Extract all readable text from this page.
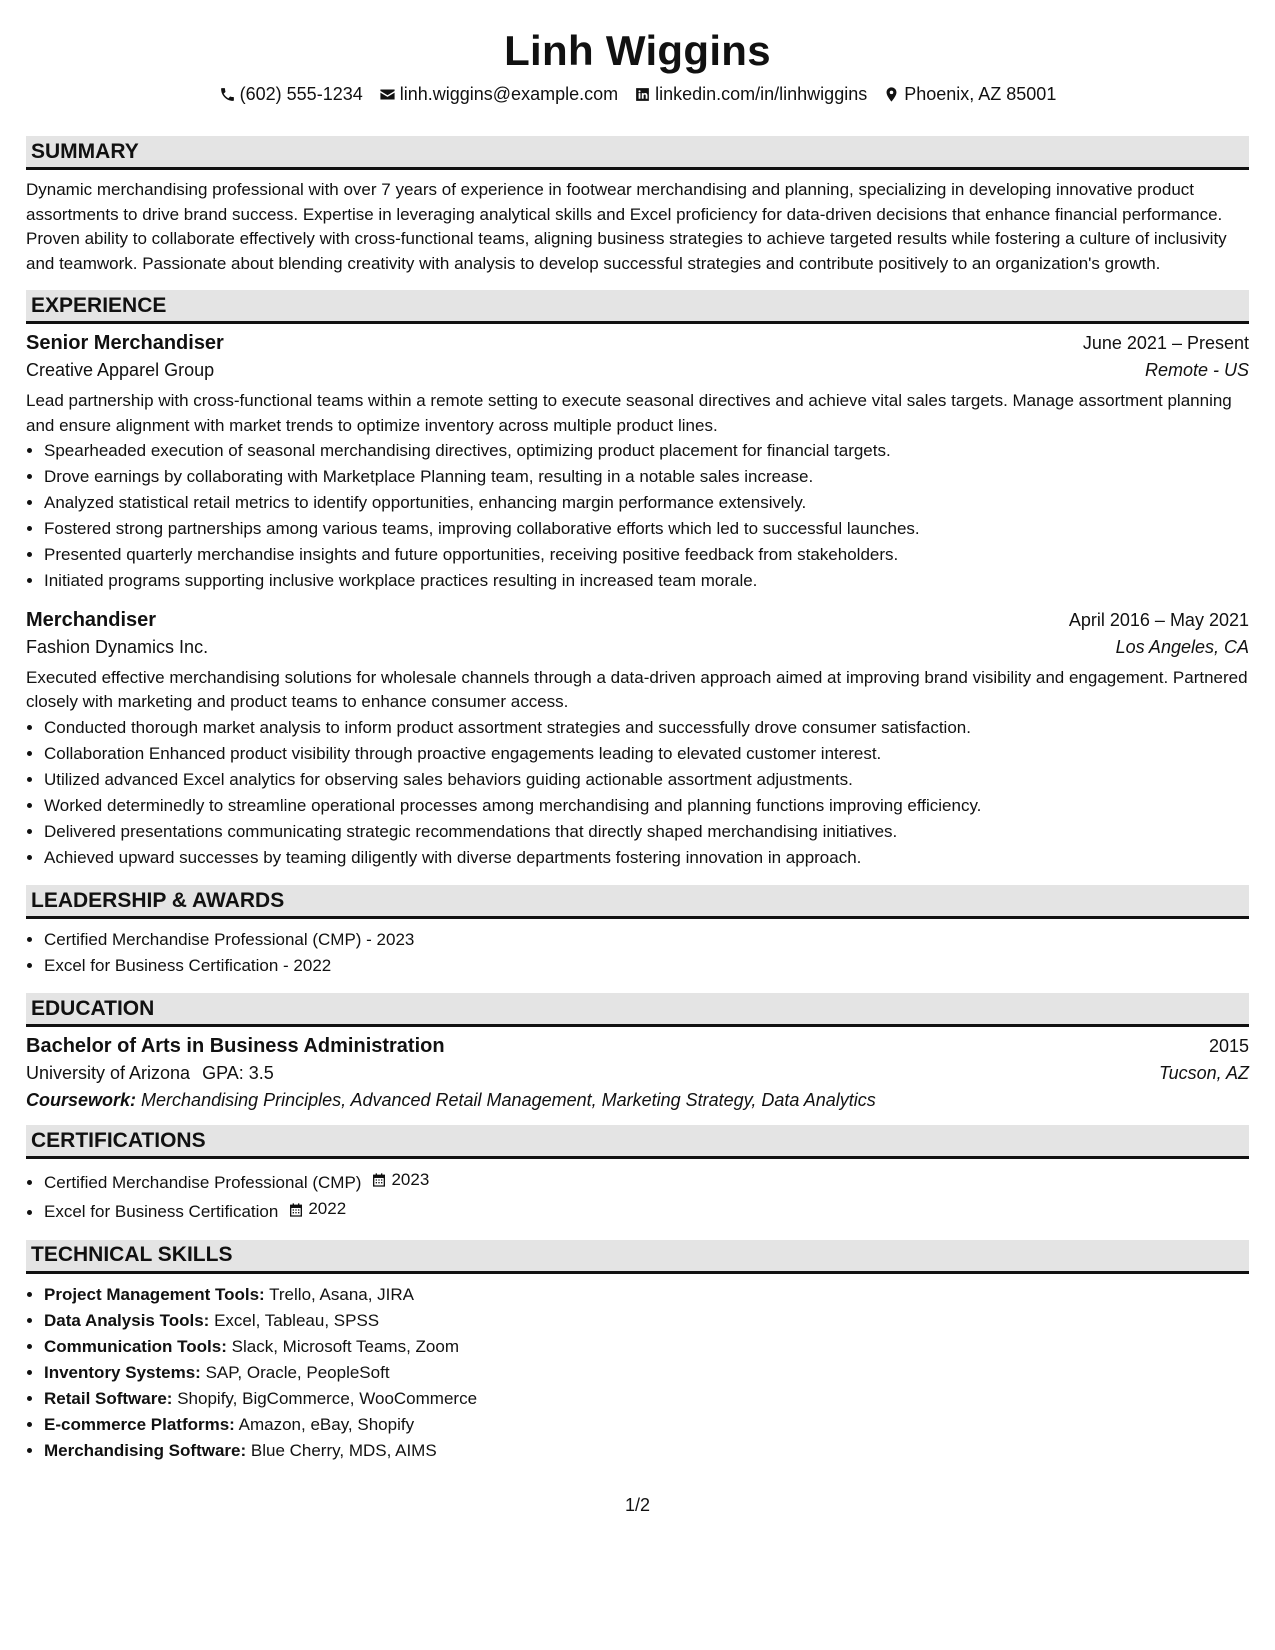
Linh Wiggins
(602) 555-1234 linh.wiggins@example.com linkedin.com/in/linhwiggins Phoenix, AZ 85001
SUMMARY

Dynamic merchandising professional with over 7 years of experience in footwear merchandising and planning, specializing in developing innovative product assortments to drive brand success. Expertise in leveraging analytical skills and Excel proficiency for data-driven decisions that enhance financial performance. Proven ability to collaborate effectively with cross-functional teams, aligning business strategies to achieve targeted results while fostering a culture of inclusivity and teamwork. Passionate about blending creativity with analysis to develop successful strategies and contribute positively to an organization's growth.

EXPERIENCE
Senior Merchandiser	June 2021 – Present
Creative Apparel Group	Remote - US

Lead partnership with cross-functional teams within a remote setting to execute seasonal directives and achieve vital sales targets. Manage assortment planning and ensure alignment with market trends to optimize inventory across multiple product lines.

• Spearheaded execution of seasonal merchandising directives, optimizing product placement for financial targets.
• Drove earnings by collaborating with Marketplace Planning team, resulting in a notable sales increase.
• Analyzed statistical retail metrics to identify opportunities, enhancing margin performance extensively.
• Fostered strong partnerships among various teams, improving collaborative efforts which led to successful launches.
• Presented quarterly merchandise insights and future opportunities, receiving positive feedback from stakeholders.
• Initiated programs supporting inclusive workplace practices resulting in increased team morale.
Merchandiser	April 2016 – May 2021
Fashion Dynamics Inc.	Los Angeles, CA

Executed effective merchandising solutions for wholesale channels through a data-driven approach aimed at improving brand visibility and engagement. Partnered closely with marketing and product teams to enhance consumer access.

• Conducted thorough market analysis to inform product assortment strategies and successfully drove consumer satisfaction.
• Collaboration Enhanced product visibility through proactive engagements leading to elevated customer interest.
• Utilized advanced Excel analytics for observing sales behaviors guiding actionable assortment adjustments.
• Worked determinedly to streamline operational processes among merchandising and planning functions improving efficiency.
• Delivered presentations communicating strategic recommendations that directly shaped merchandising initiatives.
• Achieved upward successes by teaming diligently with diverse departments fostering innovation in approach.
LEADERSHIP & AWARDS
• Certified Merchandise Professional (CMP) - 2023
• Excel for Business Certification - 2022
EDUCATION
Bachelor of Arts in Business Administration	2015
University of Arizona GPA: 3.5	Tucson, AZ
Coursework: Merchandising Principles, Advanced Retail Management, Marketing Strategy, Data Analytics
CERTIFICATIONS
• Certified Merchandise Professional (CMP) 2023
• Excel for Business Certification 2022
TECHNICAL SKILLS
• Project Management Tools: Trello, Asana, JIRA
• Data Analysis Tools: Excel, Tableau, SPSS
• Communication Tools: Slack, Microsoft Teams, Zoom
• Inventory Systems: SAP, Oracle, PeopleSoft
• Retail Software: Shopify, BigCommerce, WooCommerce
• E-commerce Platforms: Amazon, eBay, Shopify
• Merchandising Software: Blue Cherry, MDS, AIMS
1/2
